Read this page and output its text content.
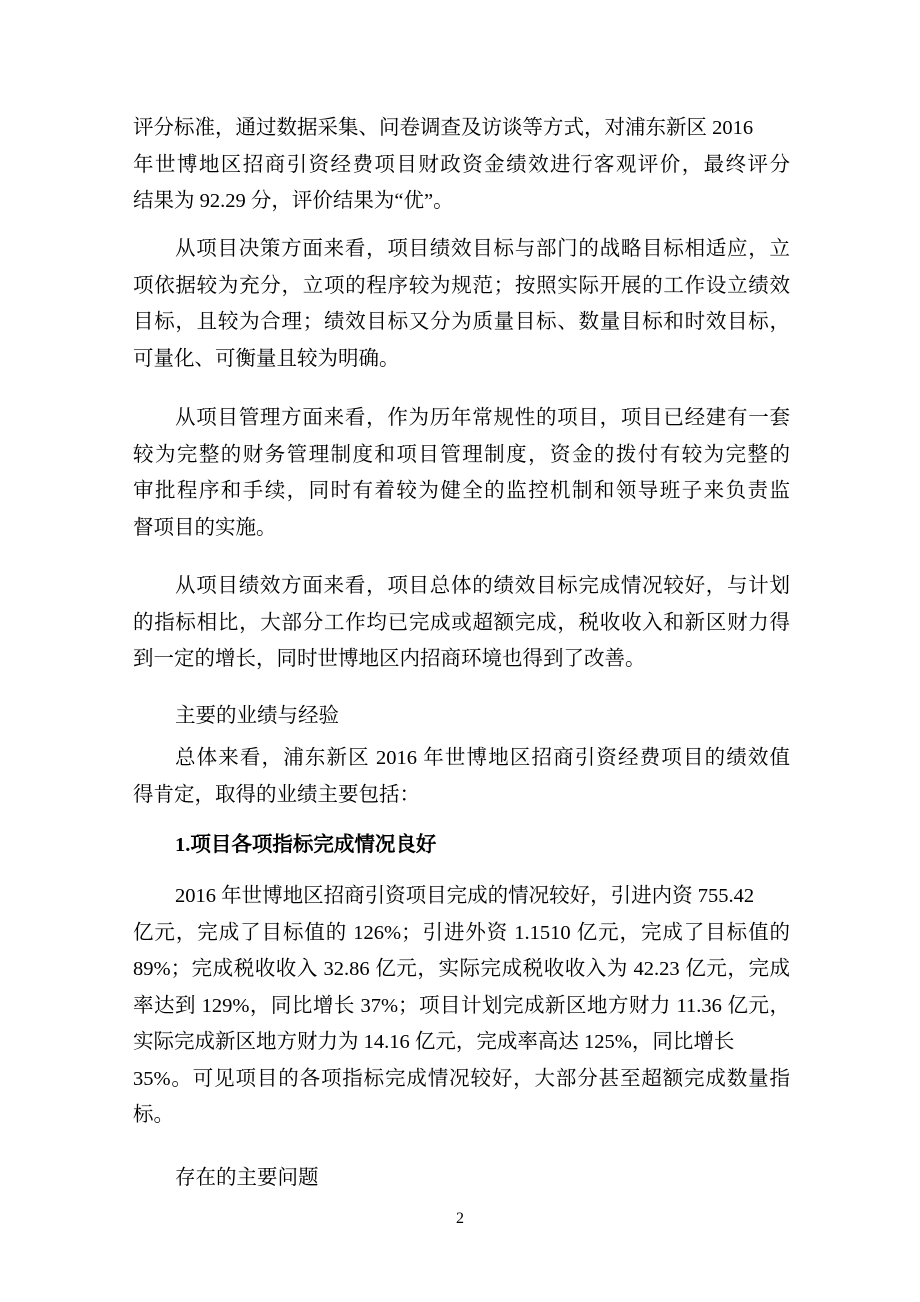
评分标准，通过数据采集、问卷调查及访谈等方式，对浦东新区 2016
年世博地区招商引资经费项目财政资金绩效进行客观评价，最终评分
结果为 92.29 分，评价结果为“优”。
从项目决策方面来看，项目绩效目标与部门的战略目标相适应，立
项依据较为充分，立项的程序较为规范；按照实际开展的工作设立绩效
目标，且较为合理；绩效目标又分为质量目标、数量目标和时效目标，
可量化、可衡量且较为明确。
从项目管理方面来看，作为历年常规性的项目，项目已经建有一套
较为完整的财务管理制度和项目管理制度，资金的拨付有较为完整的
审批程序和手续，同时有着较为健全的监控机制和领导班子来负责监
督项目的实施。
从项目绩效方面来看，项目总体的绩效目标完成情况较好，与计划
的指标相比，大部分工作均已完成或超额完成，税收收入和新区财力得
到一定的增长，同时世博地区内招商环境也得到了改善。
主要的业绩与经验
总体来看，浦东新区 2016 年世博地区招商引资经费项目的绩效值
得肯定，取得的业绩主要包括：
1.项目各项指标完成情况良好
2016 年世博地区招商引资项目完成的情况较好，引进内资 755.42
亿元，完成了目标值的 126%；引进外资 1.1510 亿元，完成了目标值的
89%；完成税收收入 32.86 亿元，实际完成税收收入为 42.23 亿元，完成
率达到 129%，同比增长 37%；项目计划完成新区地方财力 11.36 亿元，
实际完成新区地方财力为 14.16 亿元，完成率高达 125%，同比增长
35%。可见项目的各项指标完成情况较好，大部分甚至超额完成数量指
标。
存在的主要问题
2
